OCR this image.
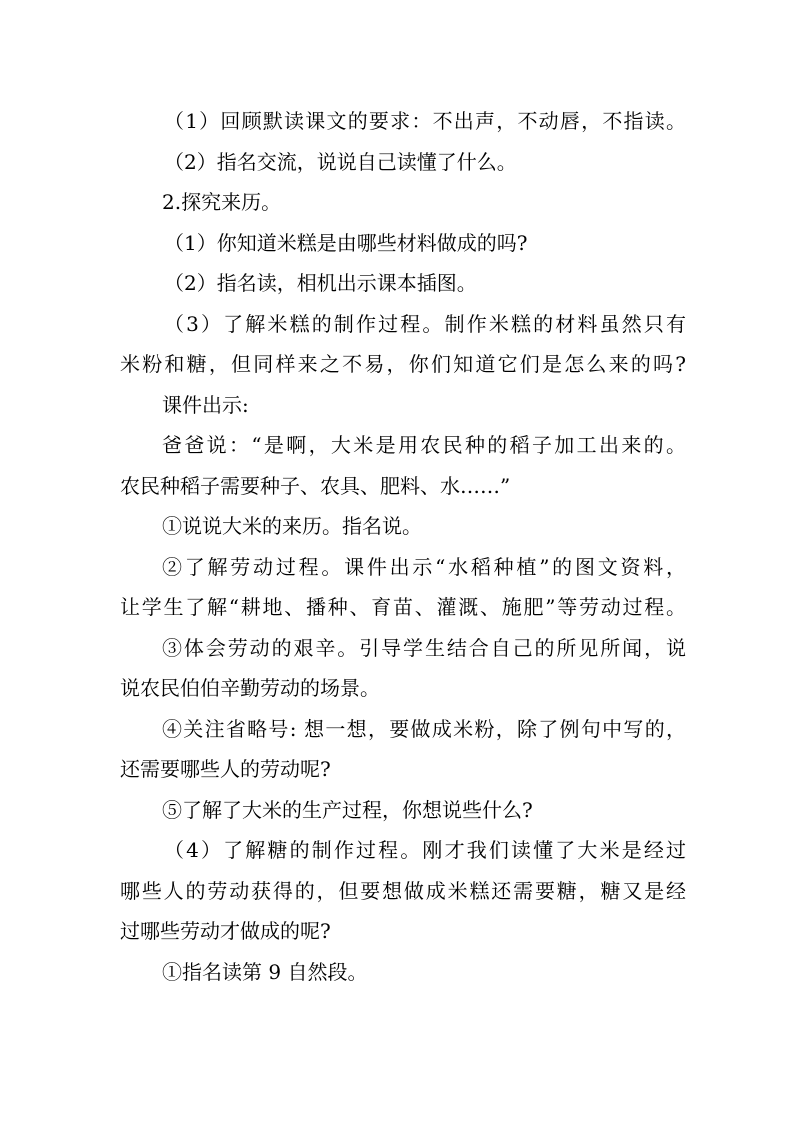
（1）回顾默读课文的要求：不出声，不动唇，不指读。
（2）指名交流，说说自己读懂了什么。
2.探究来历。
（1）你知道米糕是由哪些材料做成的吗?
（2）指名读，相机出示课本插图。
（3）了解米糕的制作过程。制作米糕的材料虽然只有
米粉和糖，但同样来之不易，你们知道它们是怎么来的吗?
课件出示:
爸爸说：“是啊，大米是用农民种的稻子加工出来的。
农民种稻子需要种子、农具、肥料、水……”
①说说大米的来历。指名说。
②了解劳动过程。课件出示“水稻种植”的图文资料，
让学生了解“耕地、播种、育苗、灌溉、施肥”等劳动过程。
③体会劳动的艰辛。引导学生结合自己的所见所闻，说
说农民伯伯辛勤劳动的场景。
④关注省略号: 想一想，要做成米粉，除了例句中写的，
还需要哪些人的劳动呢?
⑤了解了大米的生产过程，你想说些什么?
（4）了解糖的制作过程。刚才我们读懂了大米是经过
哪些人的劳动获得的，但要想做成米糕还需要糖，糖又是经
过哪些劳动才做成的呢?
①指名读第 9 自然段。
